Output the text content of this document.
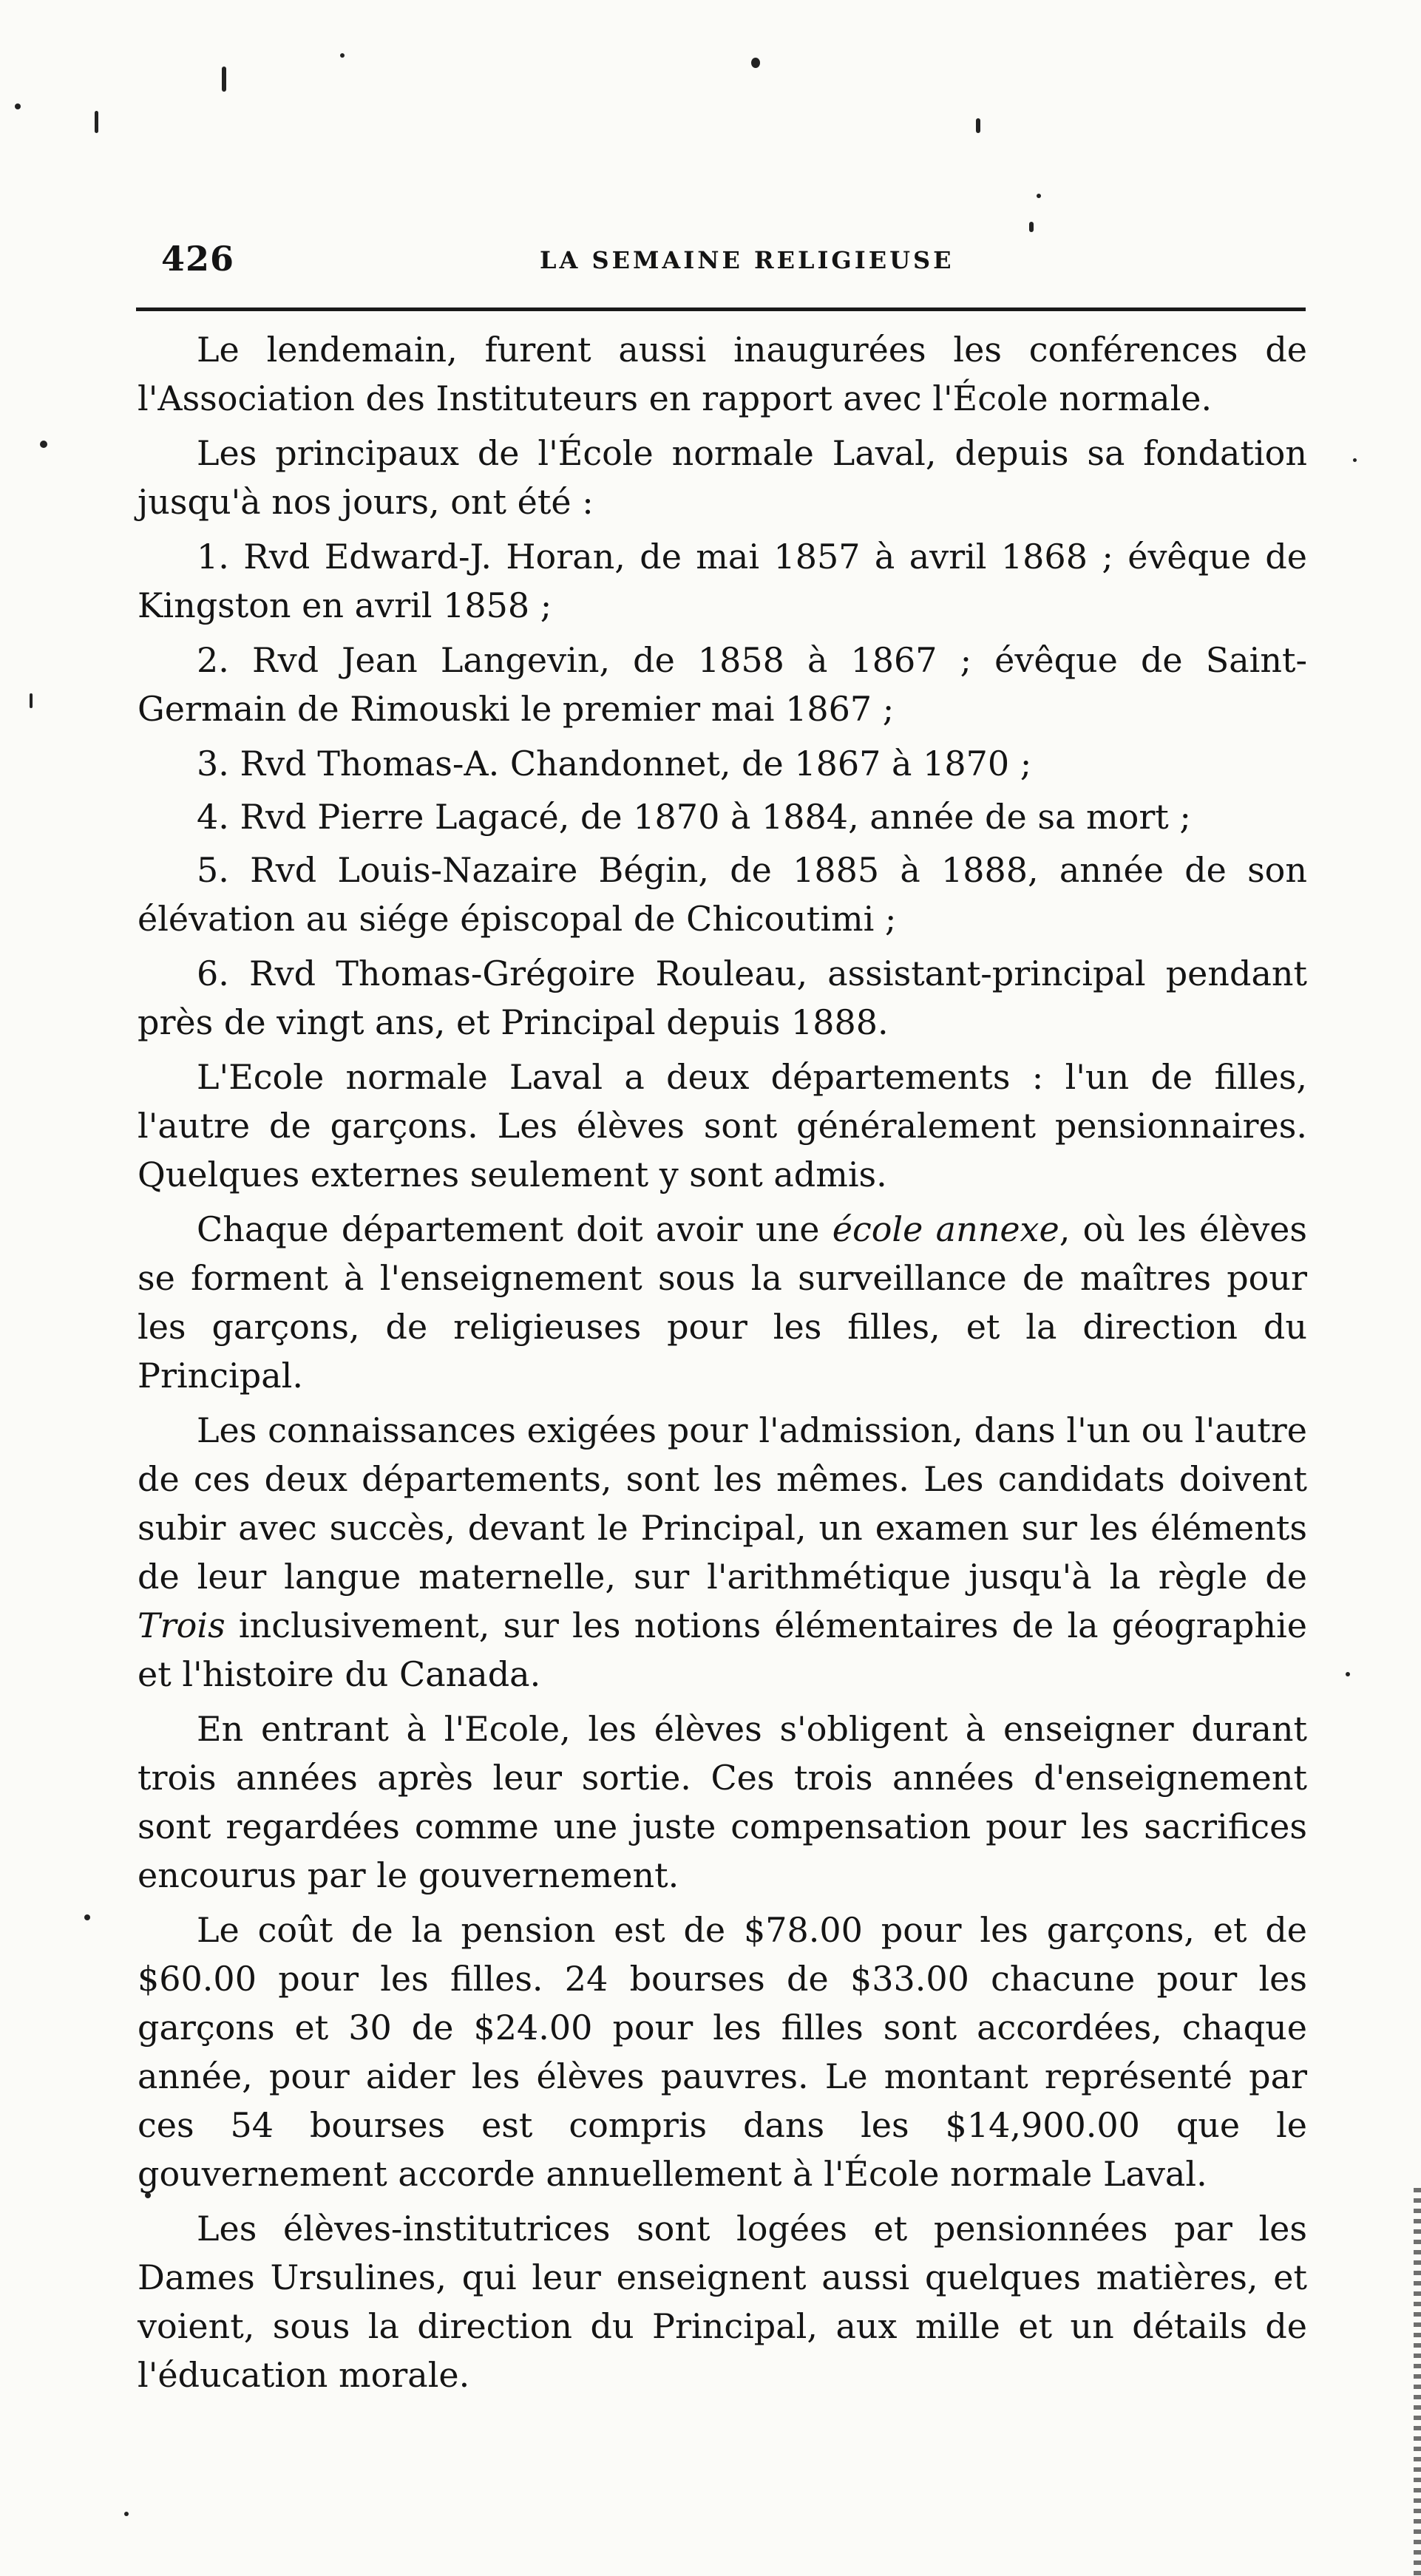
426	LA SEMAINE RELIGIEUSE

Le lendemain, furent aussi inaugurées les conférences de l'Association des Instituteurs en rapport avec l'École normale.

Les principaux de l'École normale Laval, depuis sa fondation jusqu'à nos jours, ont été :

1. Rvd Edward-J. Horan, de mai 1857 à avril 1868 ; évêque de Kingston en avril 1858 ;

2. Rvd Jean Langevin, de 1858 à 1867 ; évêque de Saint-Germain de Rimouski le premier mai 1867 ;

3. Rvd Thomas-A. Chandonnet, de 1867 à 1870 ;

4. Rvd Pierre Lagacé, de 1870 à 1884, année de sa mort ;

5. Rvd Louis-Nazaire Bégin, de 1885 à 1888, année de son élévation au siége épiscopal de Chicoutimi ;

6. Rvd Thomas-Grégoire Rouleau, assistant-principal pendant près de vingt ans, et Principal depuis 1888.

L'Ecole normale Laval a deux départements : l'un de filles, l'autre de garçons. Les élèves sont généralement pensionnaires. Quelques externes seulement y sont admis.

Chaque département doit avoir une école annexe, où les élèves se forment à l'enseignement sous la surveillance de maîtres pour les garçons, de religieuses pour les filles, et la direction du Principal.

Les connaissances exigées pour l'admission, dans l'un ou l'autre de ces deux départements, sont les mêmes. Les candidats doivent subir avec succès, devant le Principal, un examen sur les éléments de leur langue maternelle, sur l'arithmétique jusqu'à la règle de Trois inclusivement, sur les notions élémentaires de la géographie et l'histoire du Canada.

En entrant à l'Ecole, les élèves s'obligent à enseigner durant trois années après leur sortie. Ces trois années d'enseignement sont regardées comme une juste compensation pour les sacrifices encourus par le gouvernement.

Le coût de la pension est de $78.00 pour les garçons, et de $60.00 pour les filles. 24 bourses de $33.00 chacune pour les garçons et 30 de $24.00 pour les filles sont accordées, chaque année, pour aider les élèves pauvres. Le montant représenté par ces 54 bourses est compris dans les $14,900.00 que le gouvernement accorde annuellement à l'École normale Laval.

Les élèves-institutrices sont logées et pensionnées par les Dames Ursulines, qui leur enseignent aussi quelques matières, et voient, sous la direction du Principal, aux mille et un détails de l'éducation morale.
